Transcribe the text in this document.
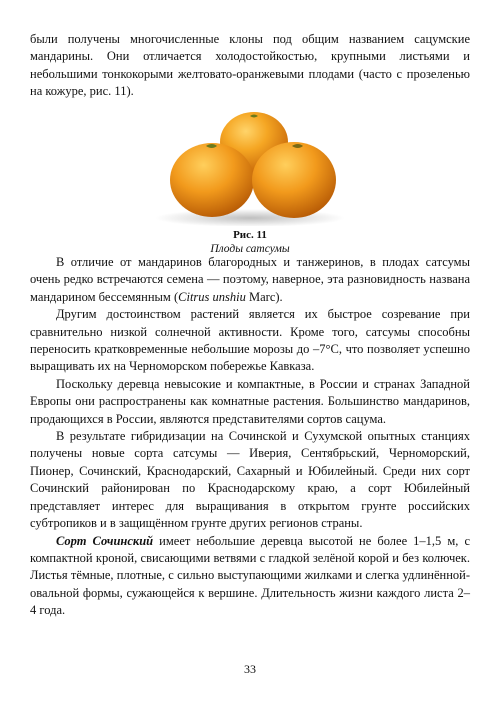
были получены многочисленные клоны под общим названием сацумские мандарины. Они отличается холодостойкостью, крупными листьями и небольшими тонкокорыми желтовато-оранжевыми плодами (часто с прозеленью на кожуре, рис. 11).

Рис. 11
Плоды сатсумы

В отличие от мандаринов благородных и танжеринов, в плодах сатсумы очень редко встречаются семена — поэтому, наверное, эта разновидность названа мандарином бессемянным (Citrus unshiu Marc).

Другим достоинством растений является их быстрое созревание при сравнительно низкой солнечной активности. Кроме того, сатсумы способны переносить кратковременные небольшие морозы до –7°С, что позволяет успешно выращивать их на Черноморском побережье Кавказа.

Поскольку деревца невысокие и компактные, в России и странах Западной Европы они распространены как комнатные растения. Большинство мандаринов, продающихся в России, являются представителями сортов сацума.

В результате гибридизации на Сочинской и Сухумской опытных станциях получены новые сорта сатсумы — Иверия, Сентябрьский, Черноморский, Пионер, Сочинский, Краснодарский, Сахарный и Юбилейный. Среди них сорт Сочинский районирован по Краснодарскому краю, а сорт Юбилейный представляет интерес для выращивания в открытом грунте российских субтропиков и в защищённом грунте других регионов страны.

Сорт Сочинский имеет небольшие деревца высотой не более 1–1,5 м, с компактной кроной, свисающими ветвями с гладкой зелёной корой и без колючек. Листья тёмные, плотные, с сильно выступающими жилками и слегка удлинённой-овальной формы, сужающейся к вершине. Длительность жизни каждого листа 2–4 года.

33
